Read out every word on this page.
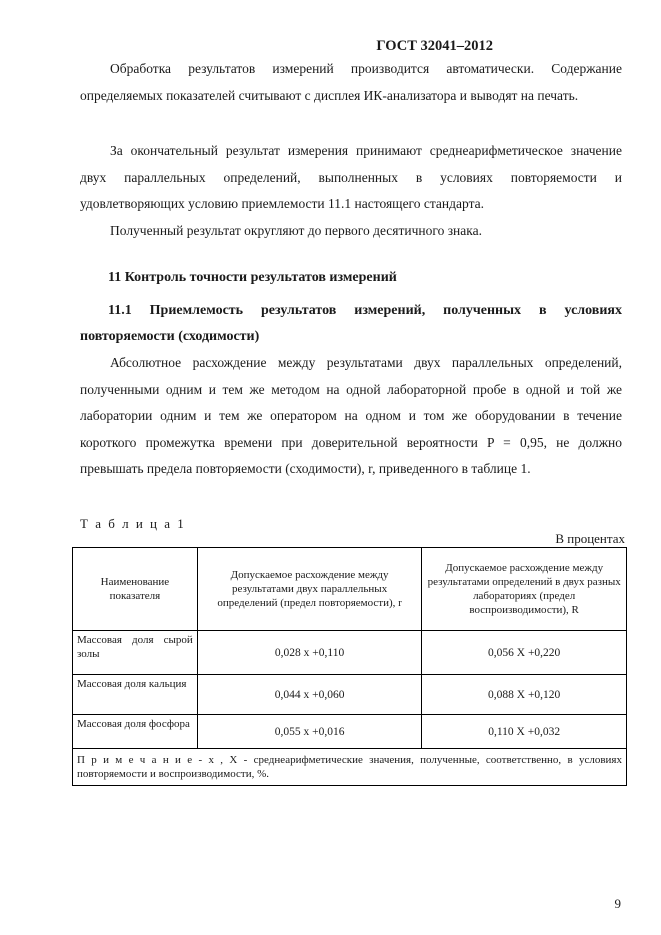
ГОСТ 32041–2012

Обработка результатов измерений производится автоматически. Содержание определяемых показателей считывают с дисплея ИК-анализатора и выводят на печать.

За окончательный результат измерения принимают среднеарифметическое значение двух параллельных определений, выполненных в условиях повторяемости и удовлетворяющих условию приемлемости 11.1 настоящего стандарта.

Полученный результат округляют до первого десятичного знака.

11 Контроль точности результатов измерений
11.1 Приемлемость результатов измерений, полученных в условиях повторяемости (сходимости)

Абсолютное расхождение между результатами двух параллельных определений, полученными одним и тем же методом на одной лабораторной пробе в одной и той же лаборатории одним и тем же оператором на одном и том же оборудовании в течение короткого промежутка времени при доверительной вероятности P = 0,95, не должно превышать предела повторяемости (сходимости), r, приведенного в таблице 1.

Т а б л и ц а 1
В процентах
Наименование показателя	Допускаемое расхождение между результатами двух параллельных определений (предел повторяемости), r	Допускаемое расхождение между результатами определений в двух разных лабораториях (предел воспроизводимости), R
Массовая доля сырой золы	0,028 x +0,110	0,056 X +0,220
Массовая доля кальция	0,044 x +0,060	0,088 X +0,120
Массовая доля фосфора	0,055 x +0,016	0,110 X +0,032
П р и м е ч а н и е - x , X - среднеарифметические значения, полученные, соответственно, в условиях повторяемости и воспроизводимости, %.		
9
